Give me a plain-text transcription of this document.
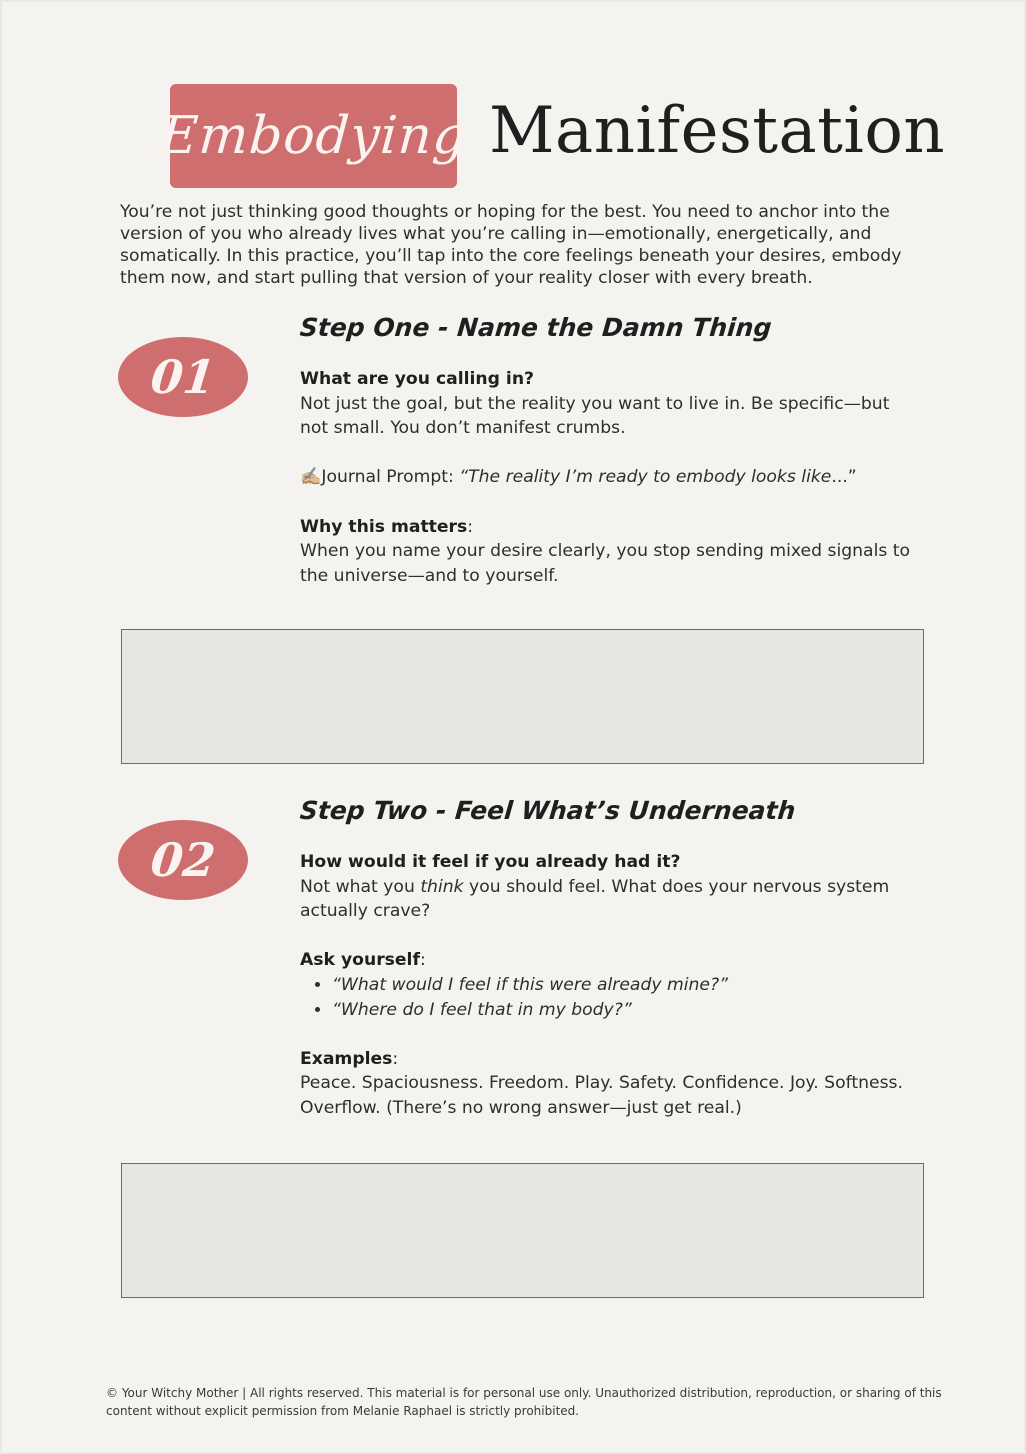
Embodying Manifestation
You’re not just thinking good thoughts or hoping for the best. You need to anchor into the version of you who already lives what you’re calling in—emotionally, energetically, and somatically. In this practice, you’ll tap into the core feelings beneath your desires, embody them now, and start pulling that version of your reality closer with every breath.
01
Step One - Name the Damn Thing

What are you calling in?

Not just the goal, but the reality you want to live in. Be specific—but not small. You don’t manifest crumbs.

✍🏼Journal Prompt: “The reality I’m ready to embody looks like...”

Why this matters:

When you name your desire clearly, you stop sending mixed signals to the universe—and to yourself.

02
Step Two - Feel What’s Underneath

How would it feel if you already had it?

Not what you think you should feel. What does your nervous system actually crave?

Ask yourself:

• “What would I feel if this were already mine?”
• “Where do I feel that in my body?”

Examples:

Peace. Spaciousness. Freedom. Play. Safety. Confidence. Joy. Softness. Overflow. (There’s no wrong answer—just get real.)

© Your Witchy Mother | All rights reserved. This material is for personal use only. Unauthorized distribution, reproduction, or sharing of this content without explicit permission from Melanie Raphael is strictly prohibited.
